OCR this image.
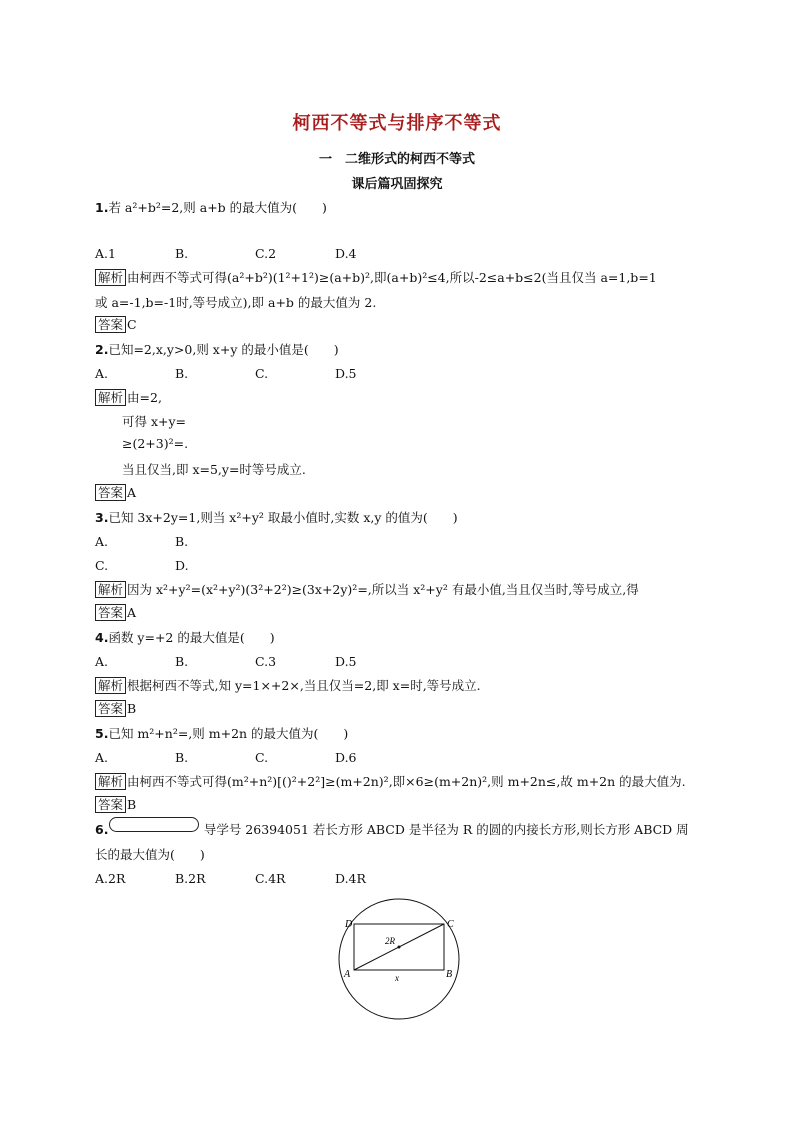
柯西不等式与排序不等式
一　二维形式的柯西不等式
课后篇巩固探究
1.若 a²+b²=2,则 a+b 的最大值为(　　)
A.1	B.	C.2	D.4
解析 由柯西不等式可得(a²+b²)(1²+1²)≥(a+b)²,即(a+b)²≤4,所以-2≤a+b≤2(当且仅当 a=1,b=1
或 a=-1,b=-1时,等号成立),即 a+b 的最大值为 2.
答案 C
2.已知=2,x,y>0,则 x+y 的最小值是(　　)
A.	B.	C.	D.5
解析 由=2,
可得 x+y=
≥(2+3)²=.
当且仅当,即 x=5,y=时等号成立.
答案 A
3.已知 3x+2y=1,则当 x²+y² 取最小值时,实数 x,y 的值为(　　)
A.	B.
C.	D.
解析 因为 x²+y²=(x²+y²)(3²+2²)≥(3x+2y)²=,所以当 x²+y² 有最小值,当且仅当时,等号成立,得
答案 A
4.函数 y=+2 的最大值是(　　)
A.	B.	C.3	D.5
解析 根据柯西不等式,知 y=1×+2×,当且仅当=2,即 x=时,等号成立.
答案 B
5.已知 m²+n²=,则 m+2n 的最大值为(　　)
A.	B.	C.	D.6
解析 由柯西不等式可得(m²+n²)[()²+2²]≥(m+2n)²,即×6≥(m+2n)²,则 m+2n≤,故 m+2n 的最大值为.
答案 B
6.                        导学号 26394051 若长方形 ABCD 是半径为 R 的圆的内接长方形,则长方形 ABCD 周
长的最大值为(　　)
A.2R	B.2R	C.4R	D.4R
D	C
A	B
2R
x
